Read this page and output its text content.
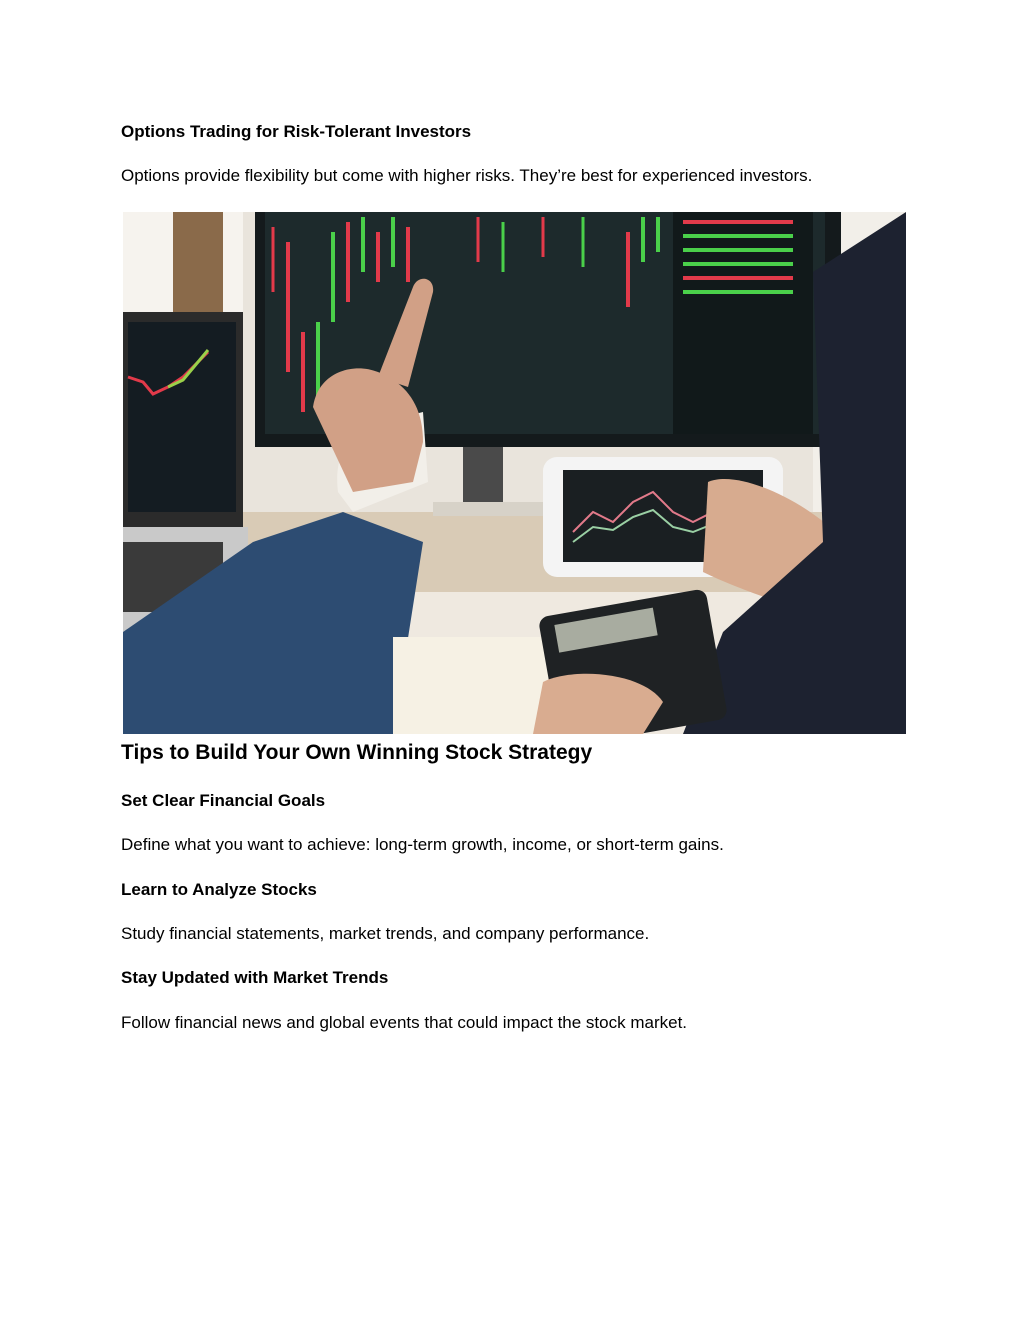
Options Trading for Risk-Tolerant Investors

Options provide flexibility but come with higher risks. They’re best for experienced investors.

Tips to Build Your Own Winning Stock Strategy
Set Clear Financial Goals

Define what you want to achieve: long-term growth, income, or short-term gains.

Learn to Analyze Stocks

Study financial statements, market trends, and company performance.

Stay Updated with Market Trends

Follow financial news and global events that could impact the stock market.
